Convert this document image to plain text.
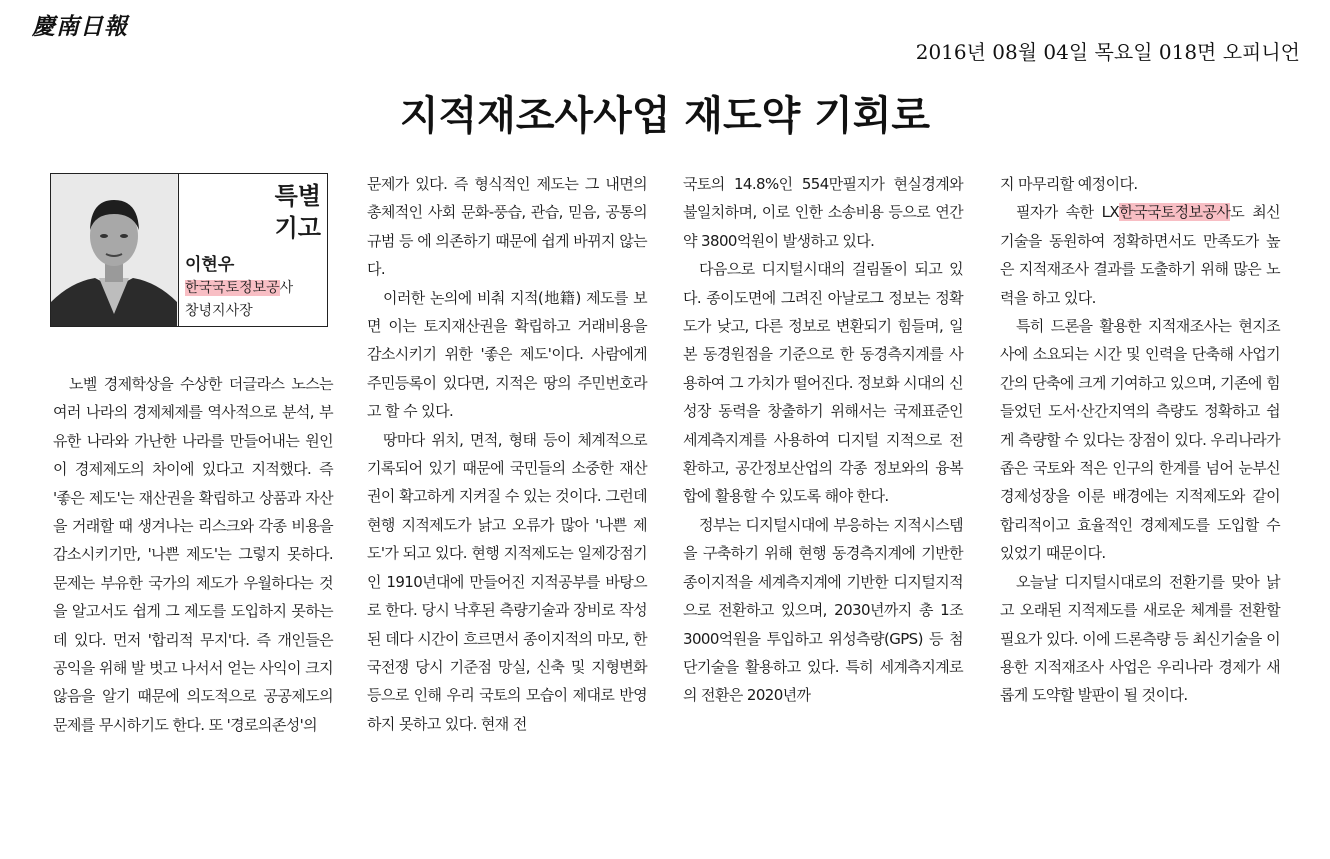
慶南日報
2016년 08월 04일 목요일 018면 오피니언
지적재조사사업 재도약 기회로
특별
기고
이현우
한국국토정보공사
창녕지사장
노벨 경제학상을 수상한 더글라스 노스는 여러 나라의 경제체제를 역사적으로 분석, 부유한 나라와 가난한 나라를 만들어내는 원인이 경제제도의 차이에 있다고 지적했다. 즉 '좋은 제도'는 재산권을 확립하고 상품과 자산을 거래할 때 생겨나는 리스크와 각종 비용을 감소시키기만, '나쁜 제도'는 그렇지 못하다. 문제는 부유한 국가의 제도가 우월하다는 것을 알고서도 쉽게 그 제도를 도입하지 못하는데 있다. 먼저 '합리적 무지'다. 즉 개인들은 공익을 위해 발 벗고 나서서 얻는 사익이 크지 않음을 알기 때문에 의도적으로 공공제도의 문제를 무시하기도 한다. 또 '경로의존성'의
문제가 있다. 즉 형식적인 제도는 그 내면의 총체적인 사회 문화-풍습, 관습, 믿음, 공통의 규범 등 에 의존하기 때문에 쉽게 바뀌지 않는다.
이러한 논의에 비춰 지적(地籍) 제도를 보면 이는 토지재산권을 확립하고 거래비용을 감소시키기 위한 '좋은 제도'이다. 사람에게 주민등록이 있다면, 지적은 땅의 주민번호라고 할 수 있다.
땅마다 위치, 면적, 형태 등이 체계적으로 기록되어 있기 때문에 국민들의 소중한 재산권이 확고하게 지켜질 수 있는 것이다. 그런데 현행 지적제도가 낡고 오류가 많아 '나쁜 제도'가 되고 있다. 현행 지적제도는 일제강점기인 1910년대에 만들어진 지적공부를 바탕으로 한다. 당시 낙후된 측량기술과 장비로 작성된 데다 시간이 흐르면서 종이지적의 마모, 한국전쟁 당시 기준점 망실, 신축 및 지형변화 등으로 인해 우리 국토의 모습이 제대로 반영하지 못하고 있다. 현재 전
국토의 14.8%인 554만필지가 현실경계와 불일치하며, 이로 인한 소송비용 등으로 연간 약 3800억원이 발생하고 있다.
다음으로 디지털시대의 걸림돌이 되고 있다. 종이도면에 그려진 아날로그 정보는 정확도가 낮고, 다른 정보로 변환되기 힘들며, 일본 동경원점을 기준으로 한 동경측지계를 사용하여 그 가치가 떨어진다. 정보화 시대의 신성장 동력을 창출하기 위해서는 국제표준인 세계측지계를 사용하여 디지털 지적으로 전환하고, 공간정보산업의 각종 정보와의 융복합에 활용할 수 있도록 해야 한다.
정부는 디지털시대에 부응하는 지적시스템을 구축하기 위해 현행 동경측지계에 기반한 종이지적을 세계측지계에 기반한 디지털지적으로 전환하고 있으며, 2030년까지 총 1조 3000억원을 투입하고 위성측량(GPS) 등 첨단기술을 활용하고 있다. 특히 세계측지계로의 전환은 2020년까
지 마무리할 예정이다.
필자가 속한 LX한국국토정보공사도 최신 기술을 동원하여 정확하면서도 만족도가 높은 지적재조사 결과를 도출하기 위해 많은 노력을 하고 있다.
특히 드론을 활용한 지적재조사는 현지조사에 소요되는 시간 및 인력을 단축해 사업기간의 단축에 크게 기여하고 있으며, 기존에 힘들었던 도서·산간지역의 측량도 정확하고 쉽게 측량할 수 있다는 장점이 있다. 우리나라가 좁은 국토와 적은 인구의 한계를 넘어 눈부신 경제성장을 이룬 배경에는 지적제도와 같이 합리적이고 효율적인 경제제도를 도입할 수 있었기 때문이다.
오늘날 디지털시대로의 전환기를 맞아 낡고 오래된 지적제도를 새로운 체계를 전환할 필요가 있다. 이에 드론측량 등 최신기술을 이용한 지적재조사 사업은 우리나라 경제가 새롭게 도약할 발판이 될 것이다.
